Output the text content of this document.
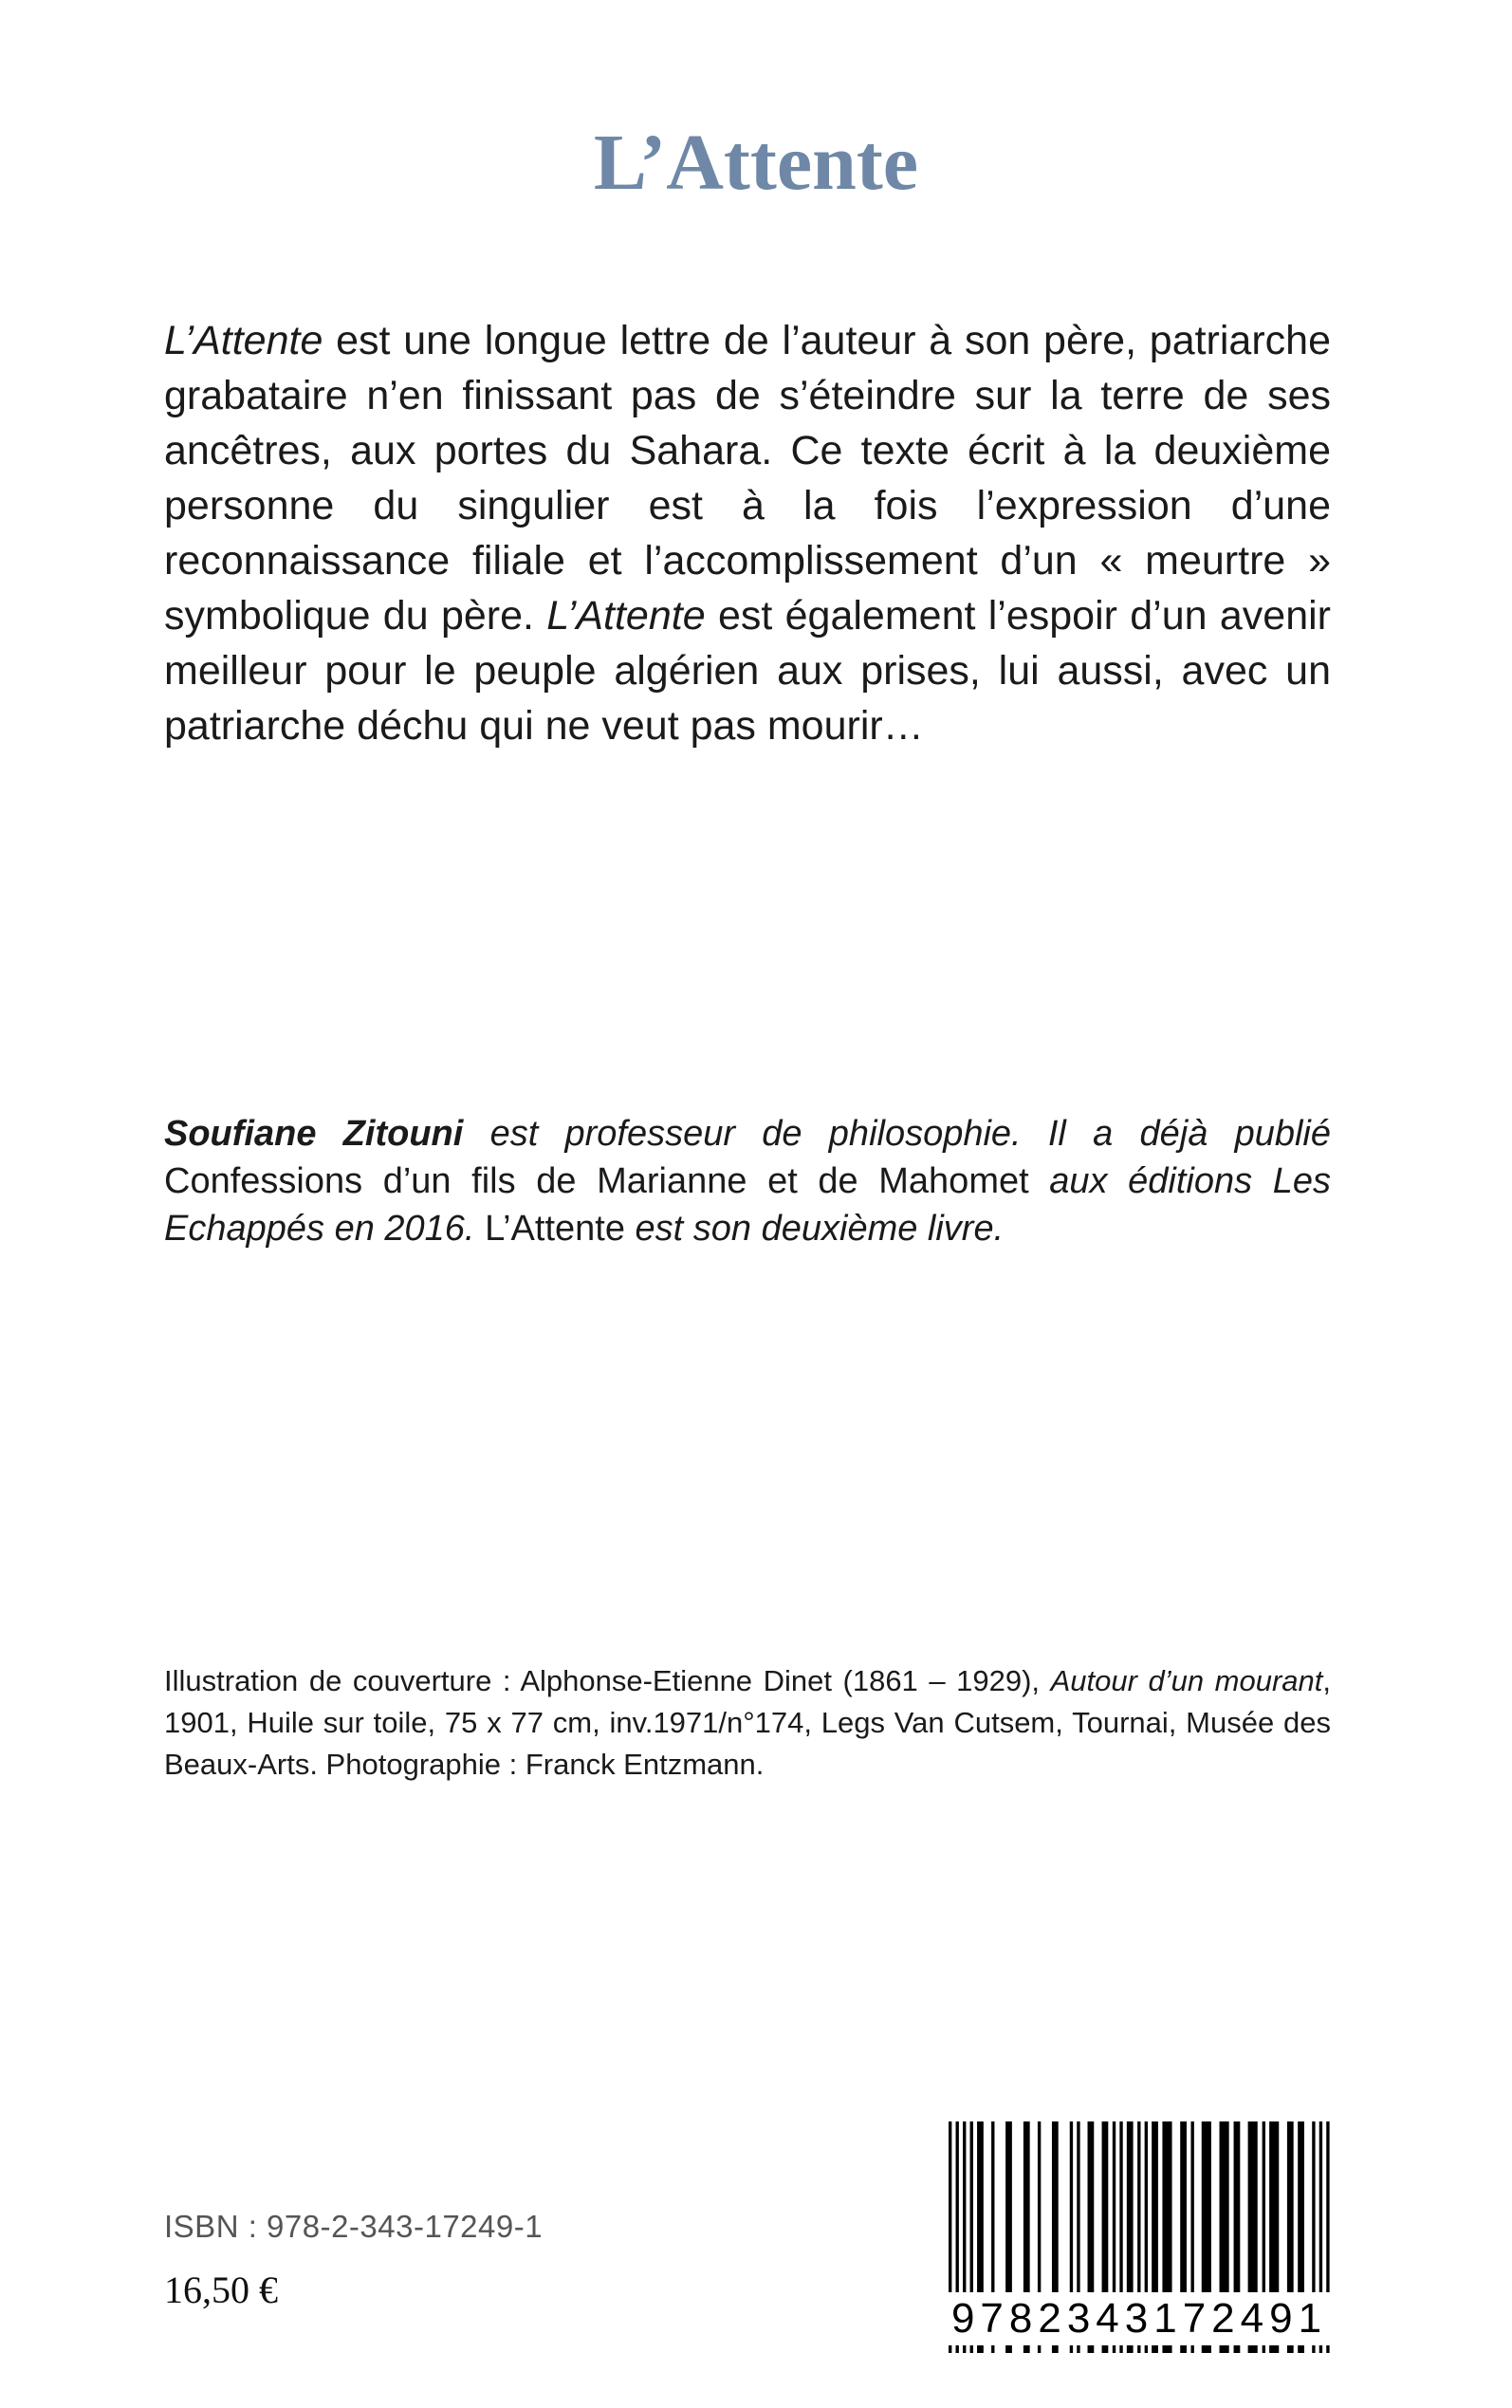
L’Attente

L’Attente est une longue lettre de l’auteur à son père, patriarche grabataire n’en finissant pas de s’éteindre sur la terre de ses ancêtres, aux portes du Sahara. Ce texte écrit à la deuxième personne du singulier est à la fois l’expression d’une reconnaissance filiale et l’accomplissement d’un « meurtre » symbolique du père. L’Attente est également l’espoir d’un avenir meilleur pour le peuple algérien aux prises, lui aussi, avec un patriarche déchu qui ne veut pas mourir…

Soufiane Zitouni est professeur de philosophie. Il a déjà publié Confessions d’un fils de Marianne et de Mahomet aux éditions Les Echappés en 2016. L’Attente est son deuxième livre.

Illustration de couverture : Alphonse-Etienne Dinet (1861 – 1929), Autour d’un mourant, 1901, Huile sur toile, 75 x 77 cm, inv.1971/n°174, Legs Van Cutsem, Tournai, Musée des Beaux-Arts. Photographie : Franck Entzmann.

ISBN : 978-2-343-17249-1
16,50 €
9782343172491
